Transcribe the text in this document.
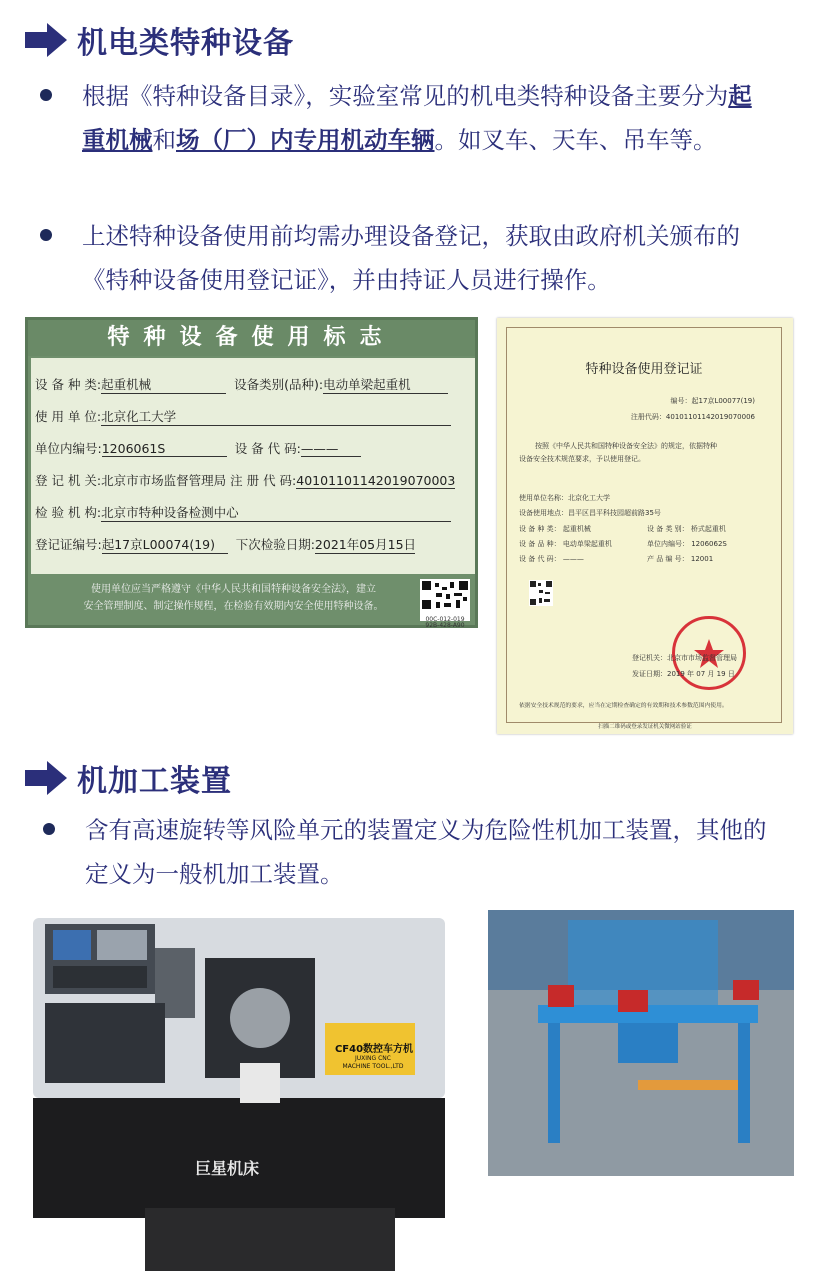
机电类特种设备
根据《特种设备目录》，实验室常见的机电类特种设备主要分为起重机械和场（厂）内专用机动车辆。如叉车、天车、吊车等。
上述特种设备使用前均需办理设备登记，获取由政府机关颁布的《特种设备使用登记证》，并由持证人员进行操作。
特种设备使用标志
设 备 种 类:起重机械	设备类别(品种):电动单梁起重机
使 用 单 位:北京化工大学
单位内编号:1206061S	设 备 代 码:———
登 记 机 关:北京市市场监督管理局 注 册 代 码:40101101142019070003
检 验 机 构:北京市特种设备检测中心
登记证编号:起17京L00074(19) 下次检验日期:2021年05月15日
使用单位应当严格遵守《中华人民共和国特种设备安全法》，建立
安全管理制度、制定操作规程，在检验有效期内安全使用特种设备。
00C-012-019
92B-428-A90
特种设备使用登记证
编号：起17京L00077(19)
注册代码：40101101142019070006
按照《中华人民共和国特种设备安全法》的规定，依据特种
设备安全技术规范要求，予以使用登记。
使用单位名称：北京化工大学
设备使用地点：昌平区昌平科技园超前路35号
设 备 种 类： 起重机械	设 备 类 别： 桥式起重机
设 备 品 种： 电动单梁起重机	单位内编号： 1206062S
设 备 代 码： ———	产 品 编 号： 12001
登记机关：北京市市场监督管理局
发证日期：2019 年 07 月 19 日
依据安全技术规范的要求，应当在定期检查确定的有效期和技术参数范围内使用。
扫描二维码或登录发证机关微网站验证
机加工装置
含有高速旋转等风险单元的装置定义为危险性机加工装置，其他的定义为一般机加工装置。
CF40数控车方机
JUXING CNC
MACHINE TOOL.,LTD
巨星机床
